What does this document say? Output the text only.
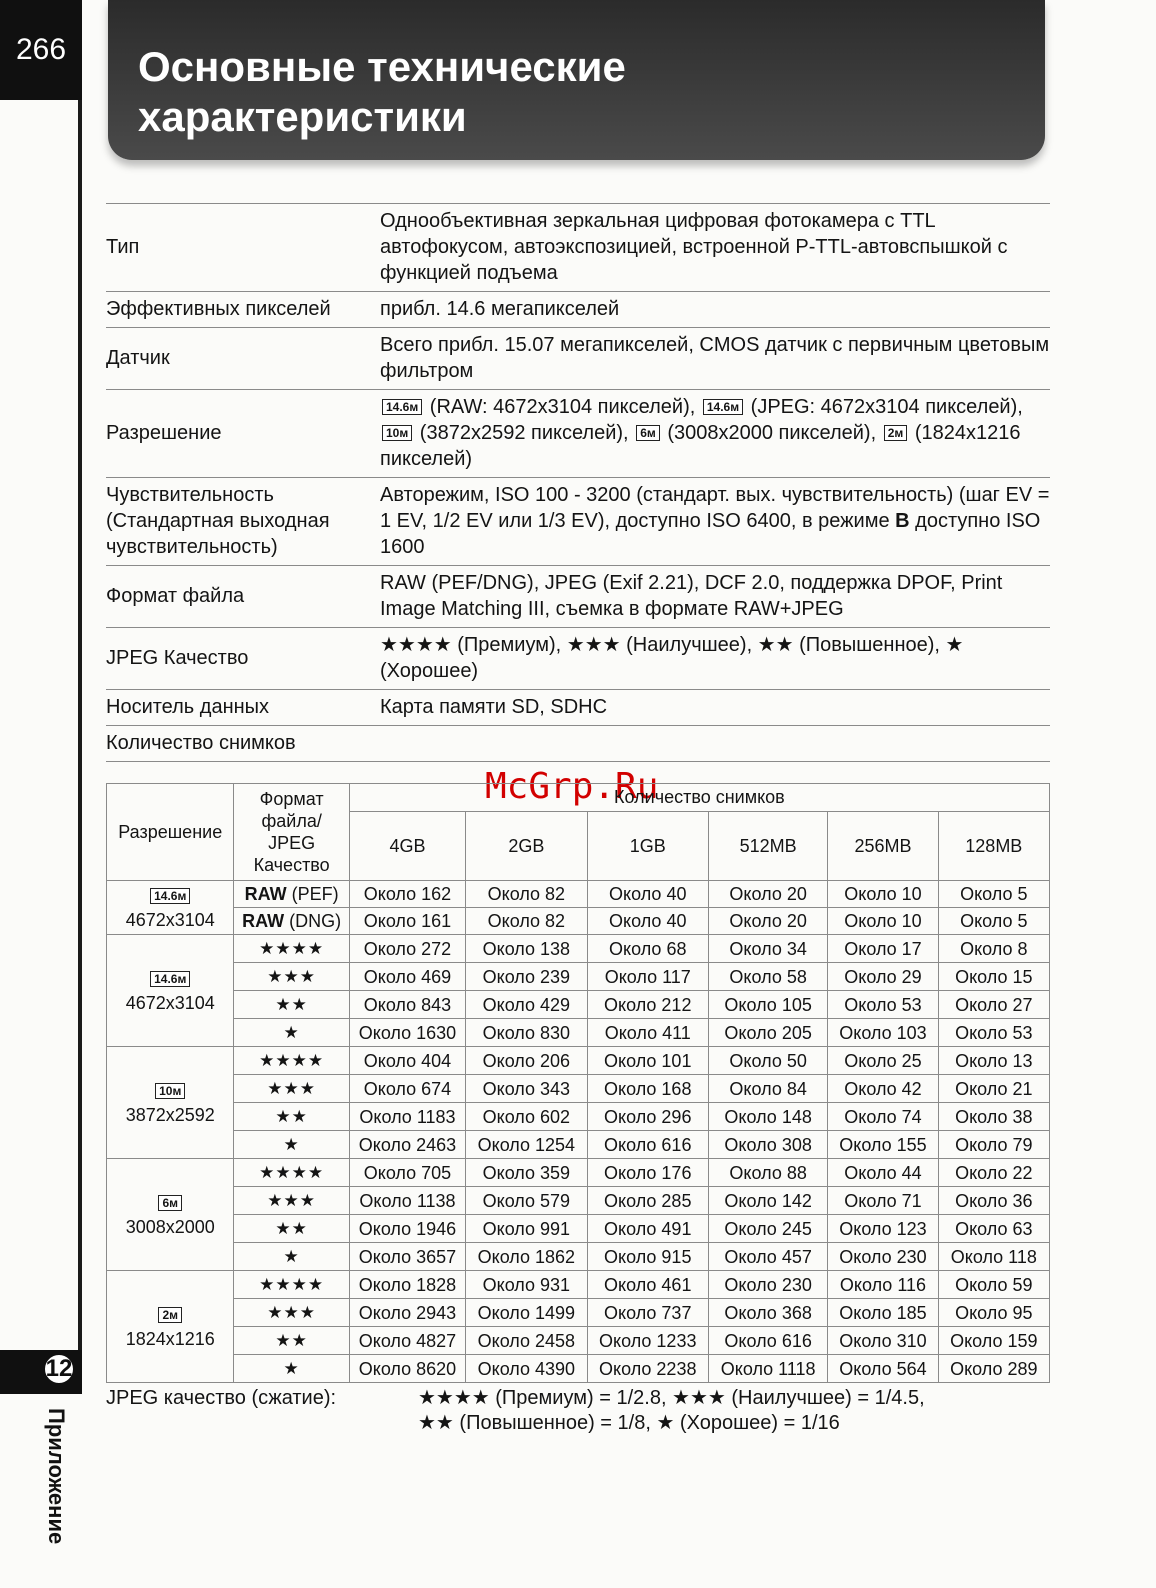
266	Основные технические
характеристики
Тип	Однообъективная зеркальная цифровая фотокамера с TTL автофокусом, автоэкспозицией, встроенной P-TTL-автовспышкой с функцией подъема
Эффективных пикселей	прибл. 14.6 мегапикселей
Датчик	Всего прибл. 15.07 мегапикселей, CMOS датчик с первичным цветовым фильтром
Разрешение	14.6м (RAW: 4672x3104 пикселей), 14.6м (JPEG: 4672x3104 пикселей), 10м (3872x2592 пикселей), 6м (3008x2000 пикселей), 2м (1824x1216 пикселей)
Чувствительность (Стандартная выходная чувствительность)	Авторежим, ISO 100 - 3200 (стандарт. вых. чувствительность) (шаг EV = 1 EV, 1/2 EV или 1/3 EV), доступно ISO 6400, в режиме B доступно ISO 1600
Формат файла	RAW (PEF/DNG), JPEG (Exif 2.21), DCF 2.0, поддержка DPOF, Print Image Matching III, съемка в формате RAW+JPEG
JPEG Качество	★★★★ (Премиум), ★★★ (Наилучшее), ★★ (Повышенное), ★ (Хорошее)
Носитель данных	Карта памяти SD, SDHC
Количество снимков	

McGrp.Ru

Разрешение	Формат файла/ JPEG Качество	Количество снимков					
		4GB	2GB	1GB	512MB	256MB	128MB
14.6м
4672x3104	RAW (PEF)	Около 162	Около 82	Около 40	Около 20	Около 10	Около 5
	RAW (DNG)	Около 161	Около 82	Около 40	Около 20	Около 10	Около 5
14.6м
4672x3104	★★★★	Около 272	Около 138	Около 68	Около 34	Около 17	Около 8
	★★★	Около 469	Около 239	Около 117	Около 58	Около 29	Около 15
	★★	Около 843	Около 429	Около 212	Около 105	Около 53	Около 27
	★	Около 1630	Около 830	Около 411	Около 205	Около 103	Около 53
10м
3872x2592	★★★★	Около 404	Около 206	Около 101	Около 50	Около 25	Около 13
	★★★	Около 674	Около 343	Около 168	Около 84	Около 42	Около 21
	★★	Около 1183	Около 602	Около 296	Около 148	Около 74	Около 38
	★	Около 2463	Около 1254	Около 616	Около 308	Около 155	Около 79
6м
3008x2000	★★★★	Около 705	Около 359	Около 176	Около 88	Около 44	Около 22
	★★★	Около 1138	Около 579	Около 285	Около 142	Около 71	Около 36
	★★	Около 1946	Около 991	Около 491	Около 245	Около 123	Около 63
	★	Около 3657	Около 1862	Около 915	Около 457	Около 230	Около 118
2м
1824x1216	★★★★	Около 1828	Около 931	Около 461	Около 230	Около 116	Около 59
	★★★	Около 2943	Около 1499	Около 737	Около 368	Около 185	Около 95
	★★	Около 4827	Около 2458	Около 1233	Около 616	Около 310	Около 159
	★	Около 8620	Около 4390	Около 2238	Около 1118	Около 564	Около 289
JPEG качество (сжатие):	★★★★ (Премиум) = 1/2.8, ★★★ (Наилучшее) = 1/4.5,
★★ (Повышенное) = 1/8, ★ (Хорошее) = 1/16
12
Приложение
